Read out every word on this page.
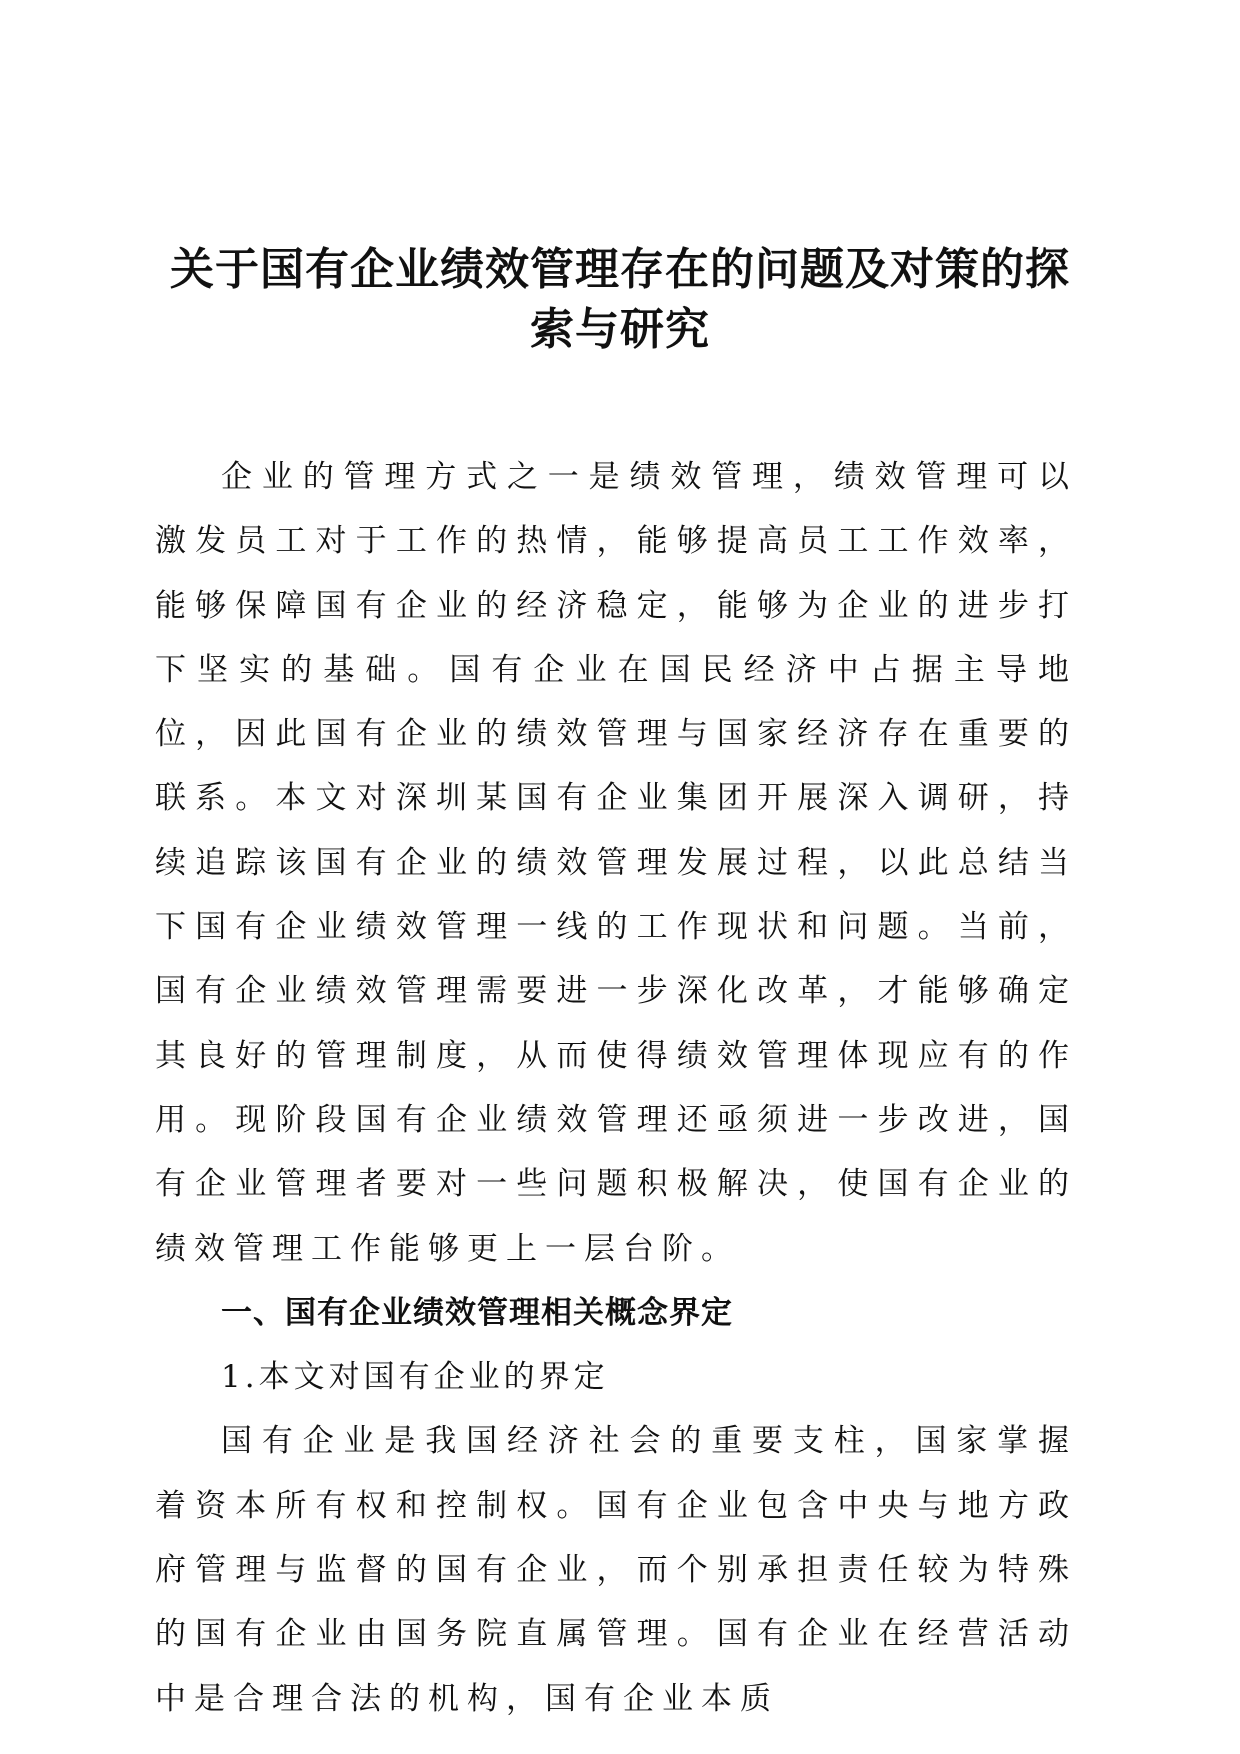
关于国有企业绩效管理存在的问题及对策的探索与研究

企业的管理方式之一是绩效管理，绩效管理可以激发员工对于工作的热情，能够提高员工工作效率，能够保障国有企业的经济稳定，能够为企业的进步打下坚实的基础。国有企业在国民经济中占据主导地位，因此国有企业的绩效管理与国家经济存在重要的联系。本文对深圳某国有企业集团开展深入调研，持续追踪该国有企业的绩效管理发展过程，以此总结当下国有企业绩效管理一线的工作现状和问题。当前，国有企业绩效管理需要进一步深化改革，才能够确定其良好的管理制度，从而使得绩效管理体现应有的作用。现阶段国有企业绩效管理还亟须进一步改进，国有企业管理者要对一些问题积极解决，使国有企业的绩效管理工作能够更上一层台阶。

一、国有企业绩效管理相关概念界定

1.本文对国有企业的界定

国有企业是我国经济社会的重要支柱，国家掌握着资本所有权和控制权。国有企业包含中央与地方政府管理与监督的国有企业，而个别承担责任较为特殊的国有企业由国务院直属管理。国有企业在经营活动中是合理合法的机构，国有企业本质
